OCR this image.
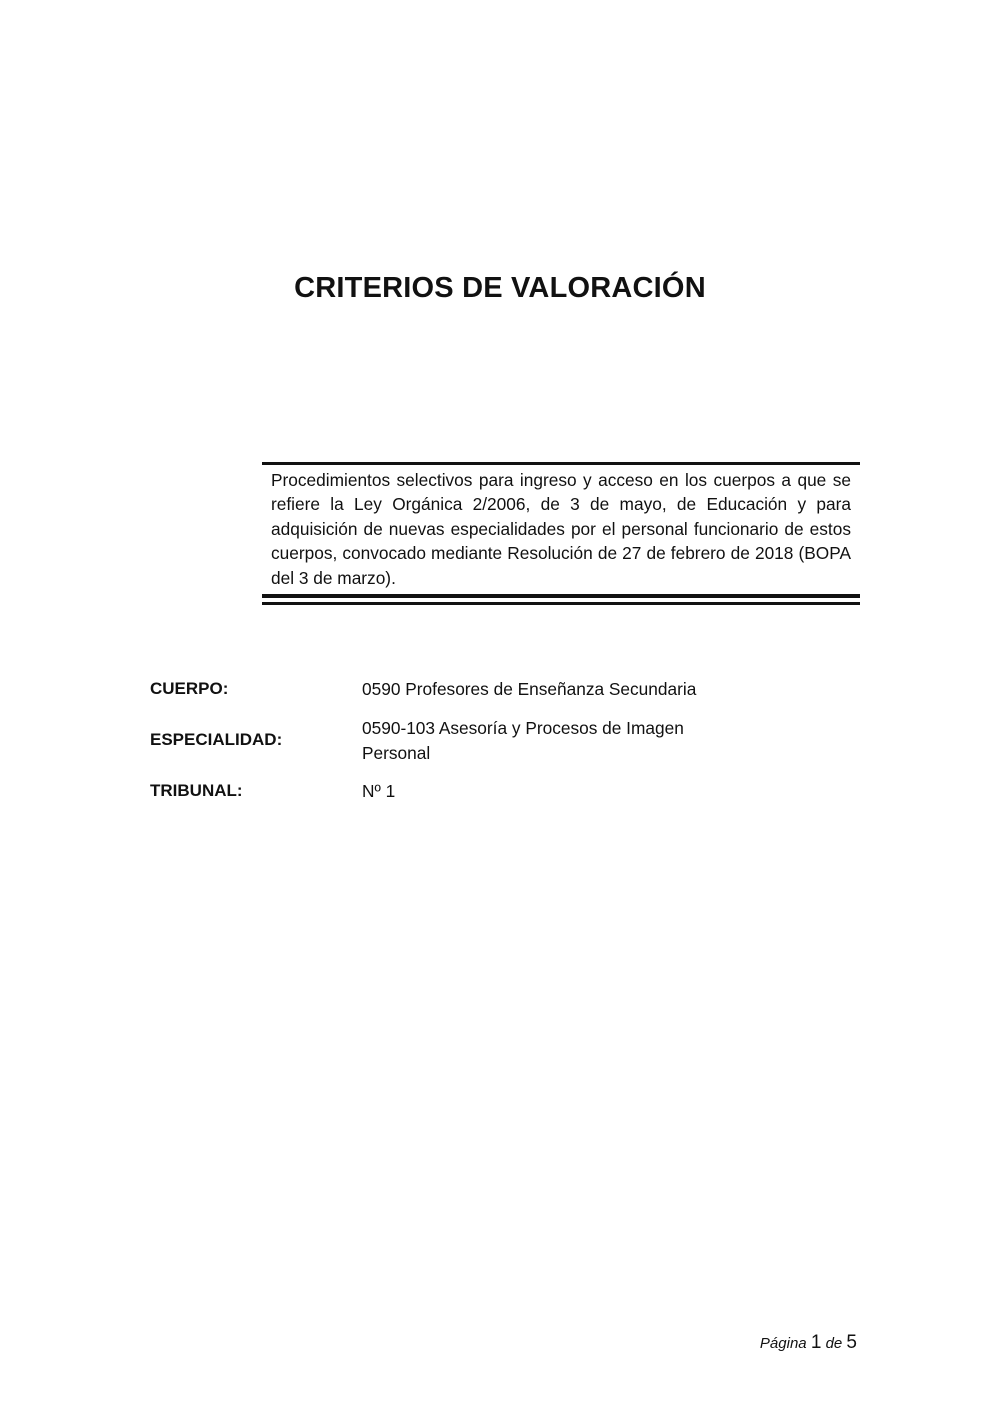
CRITERIOS DE VALORACIÓN

Procedimientos selectivos para ingreso y acceso en los cuerpos a que se refiere la Ley Orgánica 2/2006, de 3 de mayo, de Educación y para adquisición de nuevas especialidades por el personal funcionario de estos cuerpos, convocado mediante Resolución de 27 de febrero de 2018 (BOPA del 3 de marzo).

CUERPO:	0590 Profesores de Enseñanza Secundaria
ESPECIALIDAD:
0590-103 Asesoría y Procesos de Imagen Personal
TRIBUNAL:	Nº 1
Página 1 de 5
